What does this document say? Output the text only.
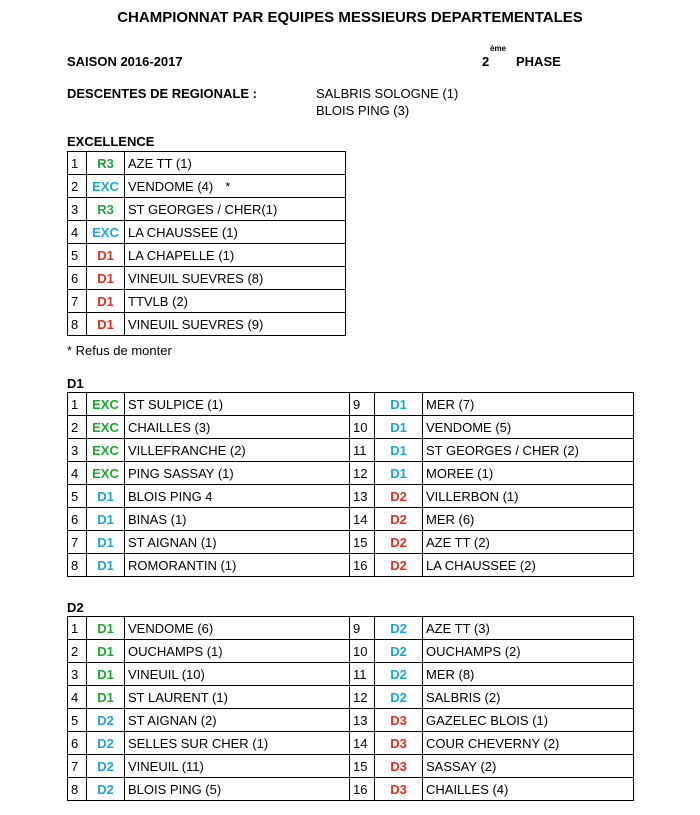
CHAMPIONNAT PAR EQUIPES MESSIEURS DEPARTEMENTALES
SAISON 2016-2017	2
ème
PHASE
DESCENTES DE REGIONALE :	SALBRIS SOLOGNE (1)
BLOIS PING (3)
EXCELLENCE
1	R3	AZE TT (1)
2	EXC	VENDOME (4) *
3	R3	ST GEORGES / CHER(1)
4	EXC	LA CHAUSSEE (1)
5	D1	LA CHAPELLE (1)
6	D1	VINEUIL SUEVRES (8)
7	D1	TTVLB (2)
8	D1	VINEUIL SUEVRES (9)
* Refus de monter
D1
1	EXC	ST SULPICE (1)	9	D1	MER (7)
2	EXC	CHAILLES (3)	10	D1	VENDOME (5)
3	EXC	VILLEFRANCHE (2)	11	D1	ST GEORGES / CHER (2)
4	EXC	PING SASSAY (1)	12	D1	MOREE (1)
5	D1	BLOIS PING 4	13	D2	VILLERBON (1)
6	D1	BINAS (1)	14	D2	MER (6)
7	D1	ST AIGNAN (1)	15	D2	AZE TT (2)
8	D1	ROMORANTIN (1)	16	D2	LA CHAUSSEE (2)
D2
1	D1	VENDOME (6)	9	D2	AZE TT (3)
2	D1	OUCHAMPS (1)	10	D2	OUCHAMPS (2)
3	D1	VINEUIL (10)	11	D2	MER (8)
4	D1	ST LAURENT (1)	12	D2	SALBRIS (2)
5	D2	ST AIGNAN (2)	13	D3	GAZELEC BLOIS (1)
6	D2	SELLES SUR CHER (1)	14	D3	COUR CHEVERNY (2)
7	D2	VINEUIL (11)	15	D3	SASSAY (2)
8	D2	BLOIS PING (5)	16	D3	CHAILLES (4)
